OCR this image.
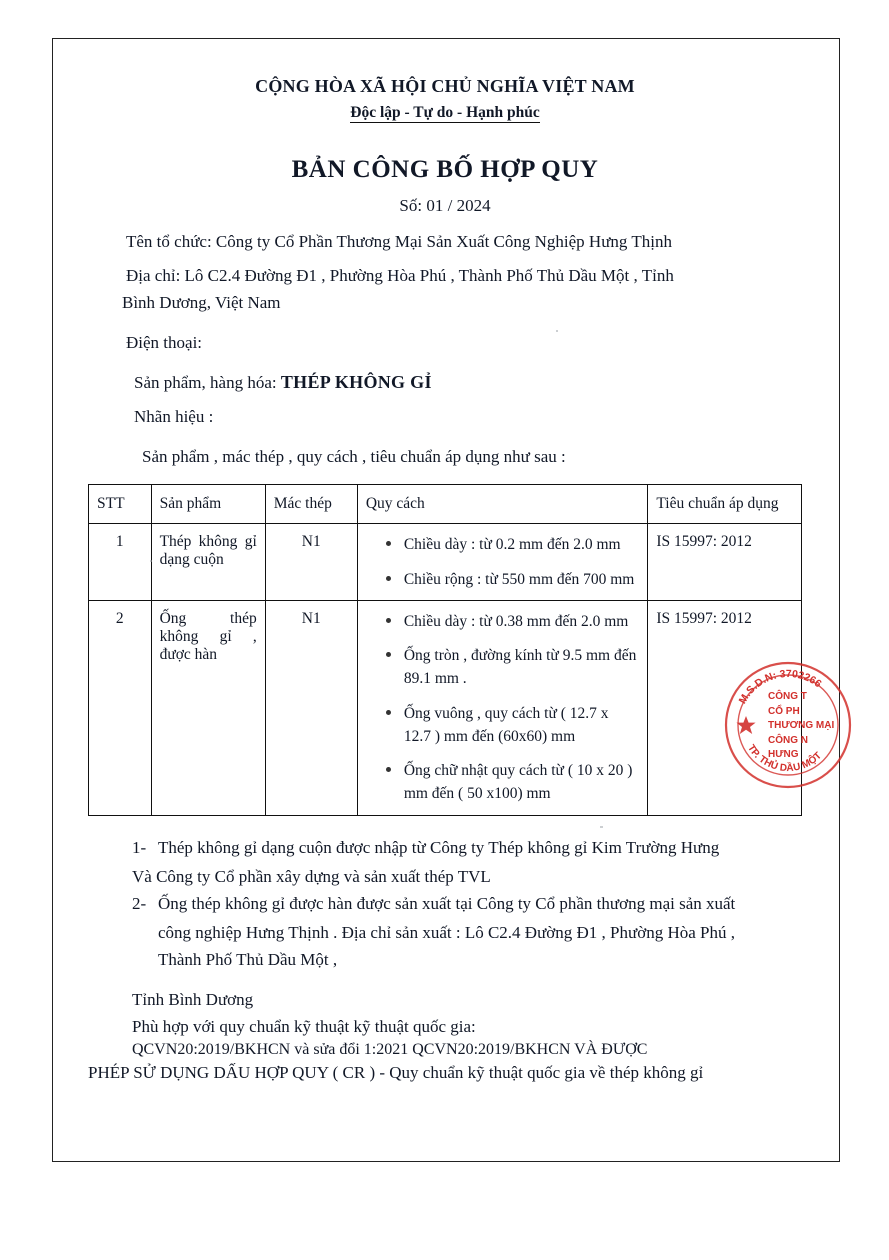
CỘNG HÒA XÃ HỘI CHỦ NGHĨA VIỆT NAM
Độc lập - Tự do - Hạnh phúc
BẢN CÔNG BỐ HỢP QUY
Số: 01 / 2024
Tên tổ chức: Công ty Cổ Phần Thương Mại Sản Xuất Công Nghiệp Hưng Thịnh
Địa chỉ: Lô C2.4 Đường Đ1 , Phường Hòa Phú , Thành Phố Thủ Dầu Một , Tỉnh
Bình Dương, Việt Nam
Điện thoại:
Sản phẩm, hàng hóa: THÉP KHÔNG GỈ
Nhãn hiệu :
Sản phẩm , mác thép , quy cách , tiêu chuẩn áp dụng như sau :
STT	Sản phẩm	Mác thép	Quy cách	Tiêu chuẩn áp dụng
1	Thép không gỉ dạng cuộn	N1	Chiều dày : từ 0.2 mm đến 2.0 mm
Chiều rộng : từ 550 mm đến 700 mm
	IS 15997: 2012
2	Ống thép không gỉ , được hàn	N1	Chiều dày : từ 0.38 mm đến 2.0 mm
Ống tròn , đường kính từ 9.5 mm đến 89.1 mm .
Ống vuông , quy cách từ ( 12.7 x 12.7 ) mm đến (60x60) mm
Ống chữ nhật quy cách từ ( 10 x 20 ) mm đến ( 50 x100) mm
	IS 15997: 2012
1- Thép không gỉ dạng cuộn được nhập từ Công ty Thép không gỉ Kim Trường Hưng
Và Công ty Cổ phần xây dựng và sản xuất thép TVL
2- Ống thép không gỉ được hàn được sản xuất tại Công ty Cổ phần thương mại sản xuất
công nghiệp Hưng Thịnh . Địa chỉ sản xuất : Lô C2.4 Đường Đ1 , Phường Hòa Phú ,
Thành Phố Thủ Dầu Một ,
Tỉnh Bình Dương
Phù hợp với quy chuẩn kỹ thuật kỹ thuật quốc gia:
QCVN20:2019/BKHCN và sửa đổi 1:2021 QCVN20:2019/BKHCN VÀ ĐƯỢC
PHÉP SỬ DỤNG DẤU HỢP QUY ( CR ) - Quy chuẩn kỹ thuật quốc gia về thép không gỉ
M.S.D.N: 3702266
TP. THỦ DẦU MỘT
CÔNG T
CỔ PH
THƯƠNG MẠI
CÔNG N
HƯNG
